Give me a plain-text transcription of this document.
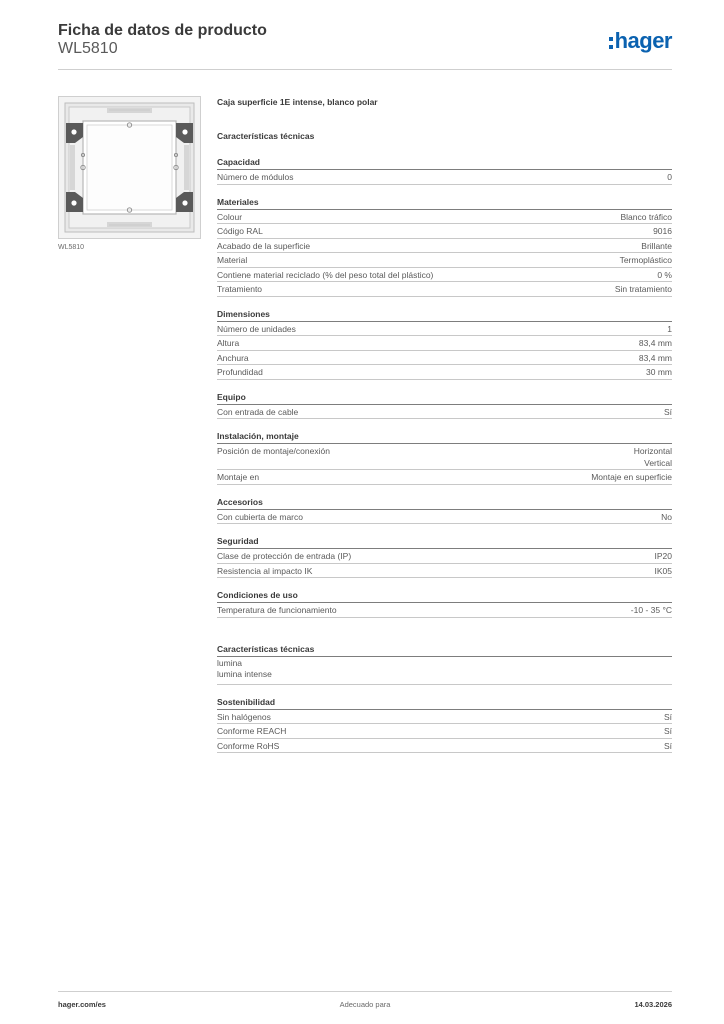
Ficha de datos de producto
WL5810	hager
WL5810
Caja superficie 1E intense, blanco polar
Características técnicas
Capacidad
Número de módulos	0
Materiales
Colour	Blanco tráfico
Código RAL	9016
Acabado de la superficie	Brillante
Material	Termoplástico
Contiene material reciclado (% del peso total del plástico)	0 %
Tratamiento	Sin tratamiento
Dimensiones
Número de unidades	1
Altura	83,4 mm
Anchura	83,4 mm
Profundidad	30 mm
Equipo
Con entrada de cable	Sí
Instalación, montaje
Posición de montaje/conexión	Horizontal
Vertical
Montaje en	Montaje en superficie
Accesorios
Con cubierta de marco	No
Seguridad
Clase de protección de entrada (IP)	IP20
Resistencia al impacto IK	IK05
Condiciones de uso
Temperatura de funcionamiento	-10 - 35 °C
Características técnicas
lumina
lumina intense
Sostenibilidad
Sin halógenos	Sí
Conforme REACH	Sí
Conforme RoHS	Sí
hager.com/es	Adecuado para	14.03.2026
